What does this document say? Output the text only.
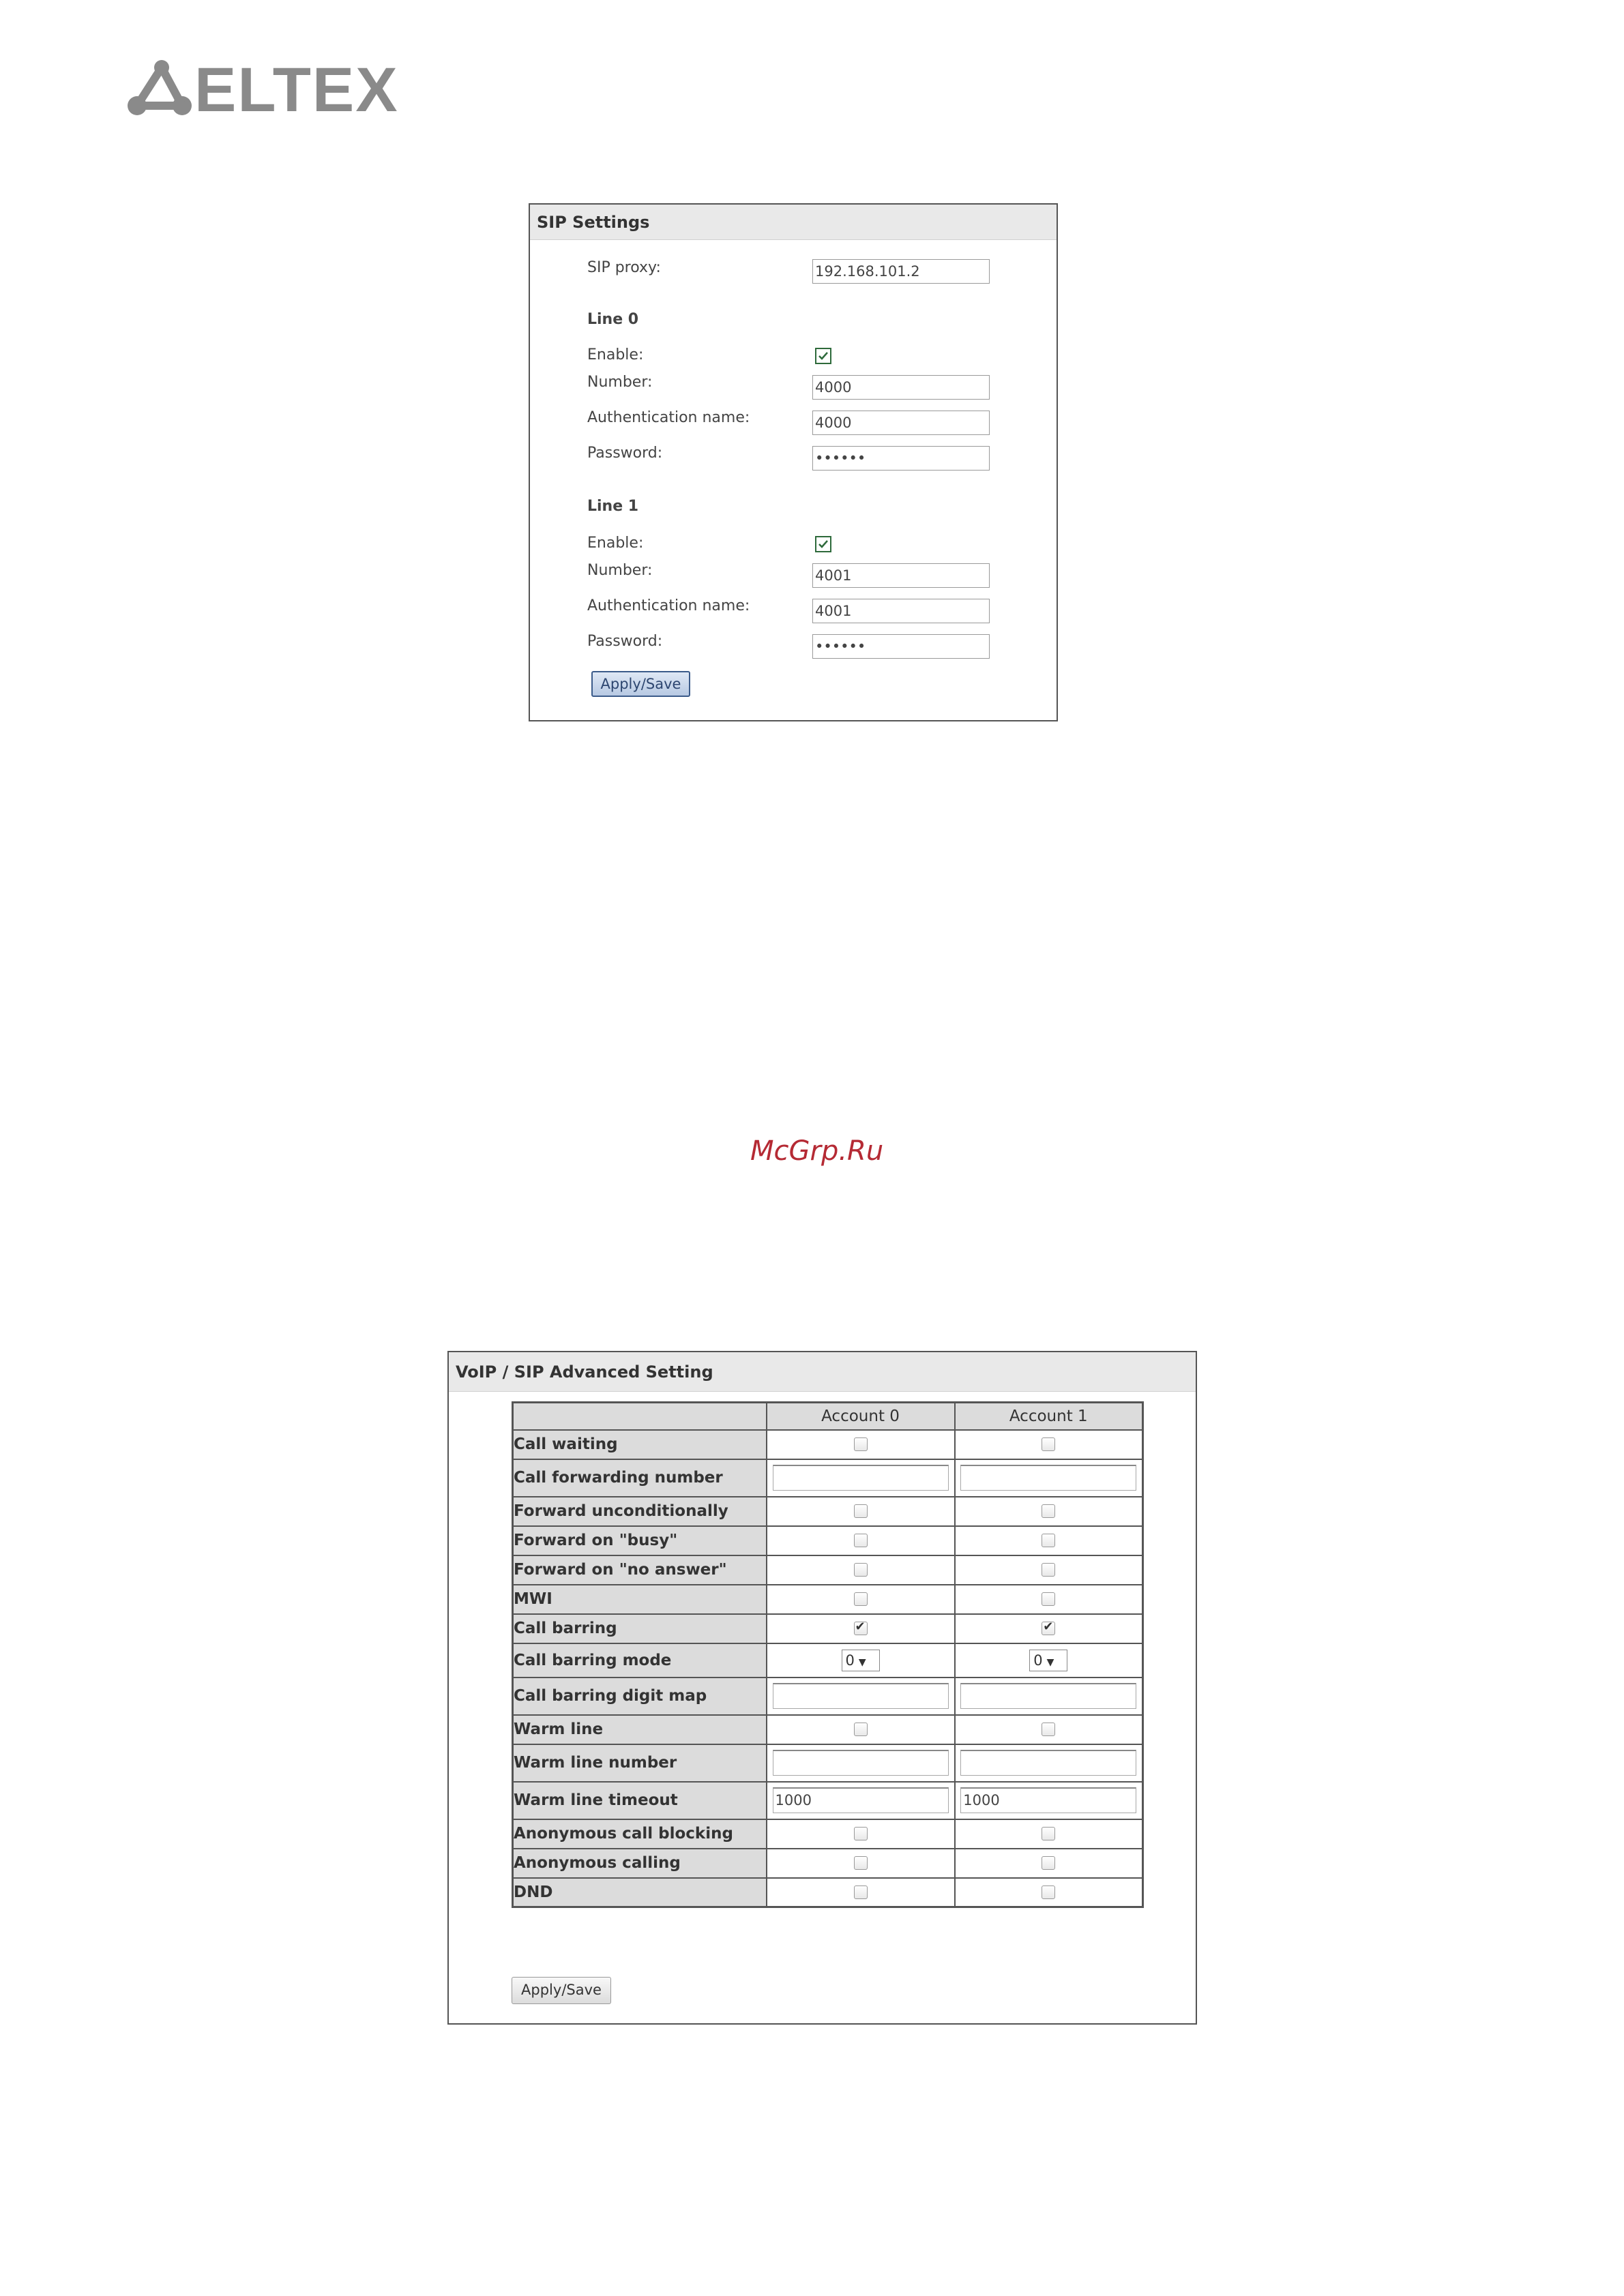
ELTEX
SIP Settings
SIP proxy:	192.168.101.2
Line 0
Enable:
Number:	4000
Authentication name:	4000
Password:	••••••
Line 1
Enable:
Number:	4001
Authentication name:	4001
Password:	••••••
Apply/Save
McGrp.Ru
VoIP / SIP Advanced Setting
	Account 0	Account 1
Call waiting		
Call forwarding number		
Forward unconditionally		
Forward on "busy"		
Forward on "no answer"		
MWI		
Call barring	✔	✔
Call barring mode	0 ▼	0 ▼
Call barring digit map		
Warm line		
Warm line number		
Warm line timeout	1000	1000
Anonymous call blocking		
Anonymous calling		
DND		
Apply/Save
